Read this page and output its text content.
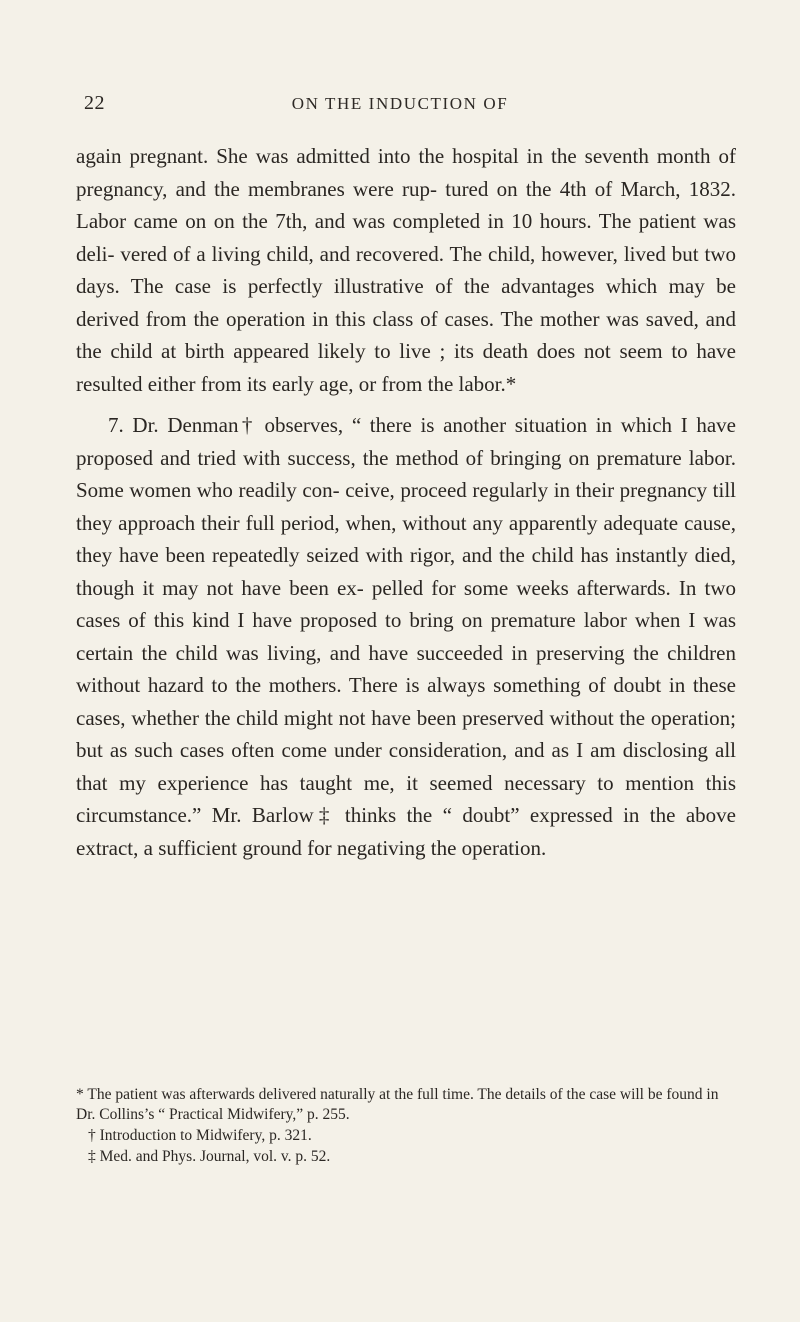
22	ON THE INDUCTION OF

again pregnant. She was admitted into the hospital in the seventh month of pregnancy, and the membranes were rup- tured on the 4th of March, 1832. Labor came on on the 7th, and was completed in 10 hours. The patient was deli- vered of a living child, and recovered. The child, however, lived but two days. The case is perfectly illustrative of the advantages which may be derived from the operation in this class of cases. The mother was saved, and the child at birth appeared likely to live ; its death does not seem to have resulted either from its early age, or from the labor.*

7. Dr. Denman† observes, “ there is another situation in which I have proposed and tried with success, the method of bringing on premature labor. Some women who readily con- ceive, proceed regularly in their pregnancy till they approach their full period, when, without any apparently adequate cause, they have been repeatedly seized with rigor, and the child has instantly died, though it may not have been ex- pelled for some weeks afterwards. In two cases of this kind I have proposed to bring on premature labor when I was certain the child was living, and have succeeded in preserving the children without hazard to the mothers. There is always something of doubt in these cases, whether the child might not have been preserved without the operation; but as such cases often come under consideration, and as I am disclosing all that my experience has taught me, it seemed necessary to mention this circumstance.” Mr. Barlow‡ thinks the “ doubt” expressed in the above extract, a sufficient ground for negativing the operation.

* The patient was afterwards delivered naturally at the full time. The details of the case will be found in Dr. Collins’s “ Practical Midwifery,” p. 255.

† Introduction to Midwifery, p. 321.

‡ Med. and Phys. Journal, vol. v. p. 52.
